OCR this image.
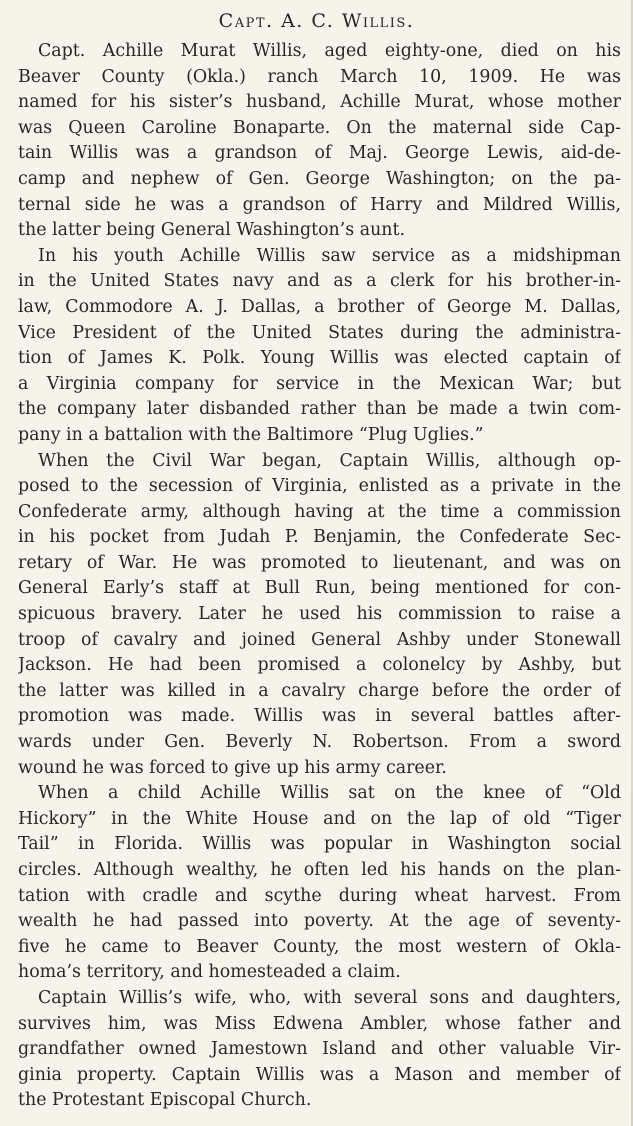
Capt. A. C. Willis.
Capt. Achille Murat Willis, aged eighty-one, died on his
Beaver County (Okla.) ranch March 10, 1909. He was
named for his sister’s husband, Achille Murat, whose mother
was Queen Caroline Bonaparte. On the maternal side Cap-
tain Willis was a grandson of Maj. George Lewis, aid-de-
camp and nephew of Gen. George Washington; on the pa-
ternal side he was a grandson of Harry and Mildred Willis,
the latter being General Washington’s aunt.
In his youth Achille Willis saw service as a midshipman
in the United States navy and as a clerk for his brother-in-
law, Commodore A. J. Dallas, a brother of George M. Dallas,
Vice President of the United States during the administra-
tion of James K. Polk. Young Willis was elected captain of
a Virginia company for service in the Mexican War; but
the company later disbanded rather than be made a twin com-
pany in a battalion with the Baltimore “Plug Uglies.”
When the Civil War began, Captain Willis, although op-
posed to the secession of Virginia, enlisted as a private in the
Confederate army, although having at the time a commission
in his pocket from Judah P. Benjamin, the Confederate Sec-
retary of War. He was promoted to lieutenant, and was on
General Early’s staff at Bull Run, being mentioned for con-
spicuous bravery. Later he used his commission to raise a
troop of cavalry and joined General Ashby under Stonewall
Jackson. He had been promised a colonelcy by Ashby, but
the latter was killed in a cavalry charge before the order of
promotion was made. Willis was in several battles after-
wards under Gen. Beverly N. Robertson. From a sword
wound he was forced to give up his army career.
When a child Achille Willis sat on the knee of “Old
Hickory” in the White House and on the lap of old “Tiger
Tail” in Florida. Willis was popular in Washington social
circles. Although wealthy, he often led his hands on the plan-
tation with cradle and scythe during wheat harvest. From
wealth he had passed into poverty. At the age of seventy-
five he came to Beaver County, the most western of Okla-
homa’s territory, and homesteaded a claim.
Captain Willis’s wife, who, with several sons and daughters,
survives him, was Miss Edwena Ambler, whose father and
grandfather owned Jamestown Island and other valuable Vir-
ginia property. Captain Willis was a Mason and member of
the Protestant Episcopal Church.
